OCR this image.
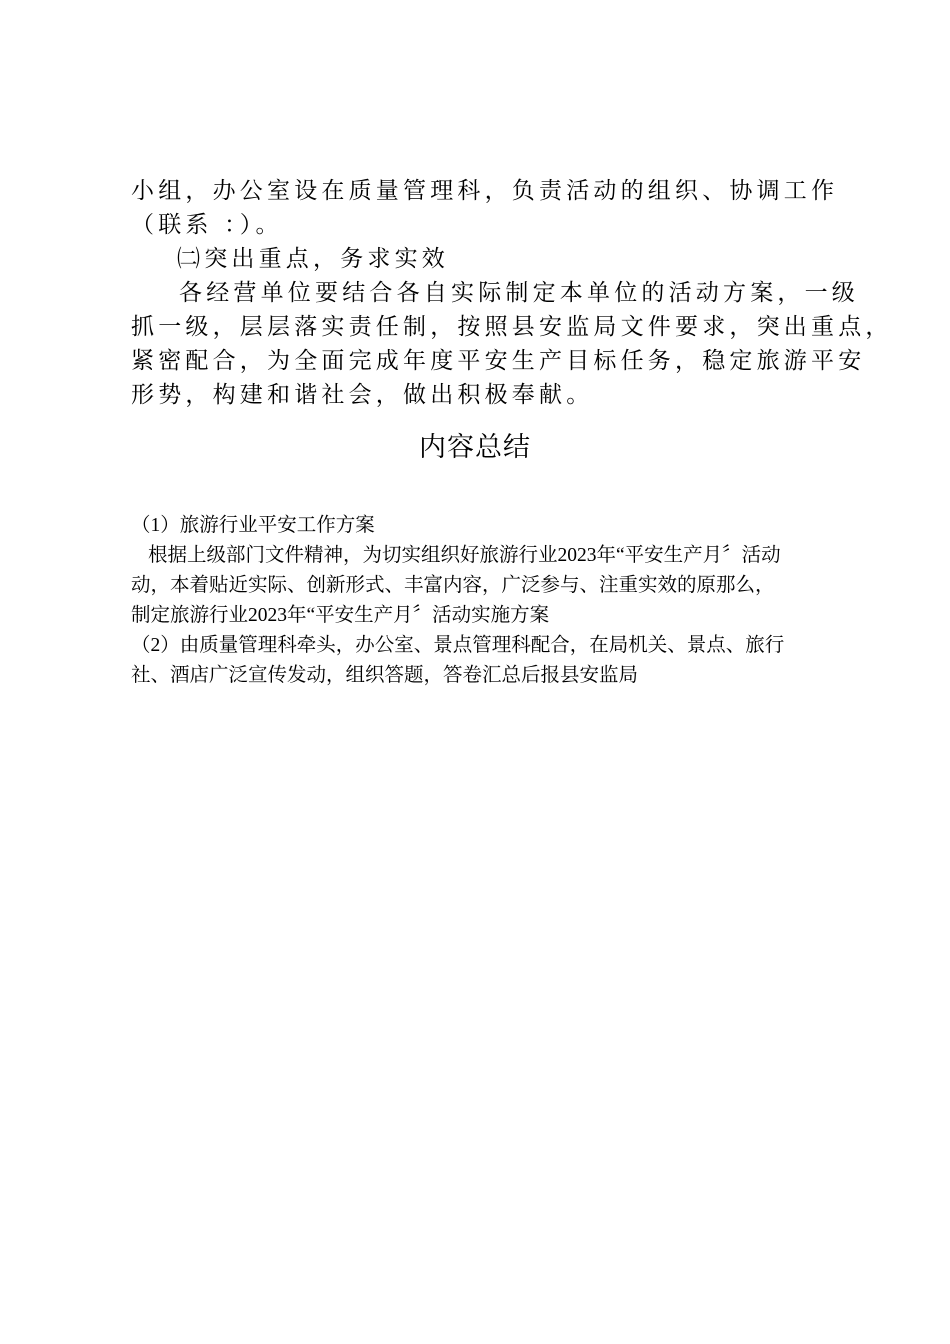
小组，办公室设在质量管理科，负责活动的组织、协调工作
（联系 ：）。
㈡突出重点，务求实效
各经营单位要结合各自实际制定本单位的活动方案，一级
抓一级，层层落实责任制，按照县安监局文件要求，突出重点，
紧密配合，为全面完成年度平安生产目标任务，稳定旅游平安
形势，构建和谐社会，做出积极奉献。
内容总结
（1）旅游行业平安工作方案
根据上级部门文件精神，为切实组织好旅游行业2023年“平安生产月〞活动
动，本着贴近实际、创新形式、丰富内容，广泛参与、注重实效的原那么，
制定旅游行业2023年“平安生产月〞活动实施方案
（2）由质量管理科牵头，办公室、景点管理科配合，在局机关、景点、旅行
社、酒店广泛宣传发动，组织答题，答卷汇总后报县安监局
